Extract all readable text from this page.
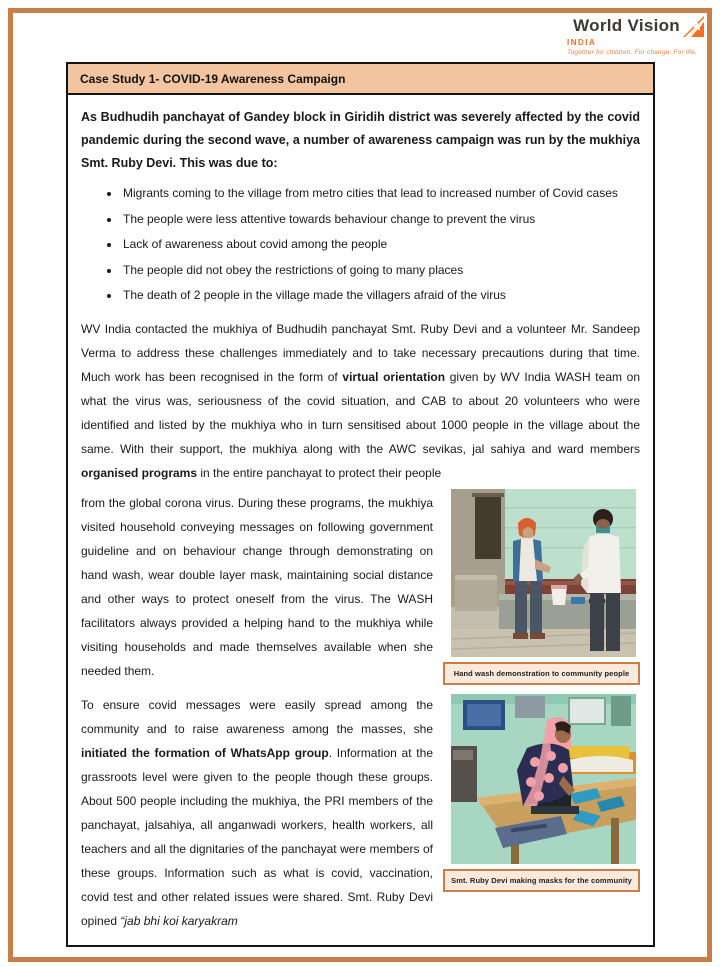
World Vision
INDIA
Together for children. For change. For life.
Case Study 1- COVID-19 Awareness Campaign

As Budhudih panchayat of Gandey block in Giridih district was severely affected by the covid pandemic during the second wave, a number of awareness campaign was run by the mukhiya Smt. Ruby Devi. This was due to:

• Migrants coming to the village from metro cities that lead to increased number of Covid cases
• The people were less attentive towards behaviour change to prevent the virus
• Lack of awareness about covid among the people
• The people did not obey the restrictions of going to many places
• The death of 2 people in the village made the villagers afraid of the virus

WV India contacted the mukhiya of Budhudih panchayat Smt. Ruby Devi and a volunteer Mr. Sandeep Verma to address these challenges immediately and to take necessary precautions during that time. Much work has been recognised in the form of virtual orientation given by WV India WASH team on what the virus was, seriousness of the covid situation, and CAB to about 20 volunteers who were identified and listed by the mukhiya who in turn sensitised about 1000 people in the village about the same. With their support, the mukhiya along with the AWC sevikas, jal sahiya and ward members organised programs in the entire panchayat to protect their people

Hand wash demonstration to community people
Smt. Ruby Devi making masks for the community

from the global corona virus. During these programs, the mukhiya visited household conveying messages on following government guideline and on behaviour change through demonstrating on hand wash, wear double layer mask, maintaining social distance and other ways to protect oneself from the virus. The WASH facilitators always provided a helping hand to the mukhiya while visiting households and made themselves available when she needed them.

To ensure covid messages were easily spread among the community and to raise awareness among the masses, she initiated the formation of WhatsApp group. Information at the grassroots level were given to the people though these groups. About 500 people including the mukhiya, the PRI members of the panchayat, jalsahiya, all anganwadi workers, health workers, all teachers and all the dignitaries of the panchayat were members of these groups. Information such as what is covid, vaccination, covid test and other related issues were shared. Smt. Ruby Devi opined “jab bhi koi karyakram
